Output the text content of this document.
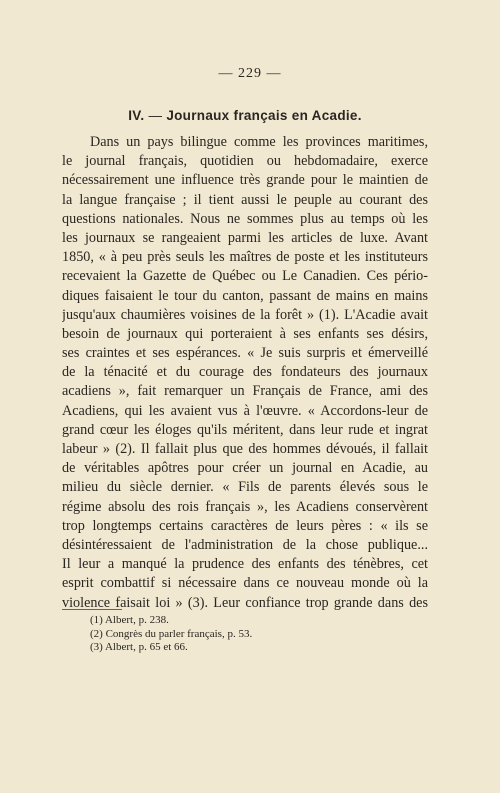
— 229 —
IV. — Journaux français en Acadie.
Dans un pays bilingue comme les provinces maritimes,
le journal français, quotidien ou hebdomadaire, exerce
nécessairement une influence très grande pour le maintien de
la langue française ; il tient aussi le peuple au courant des
questions nationales. Nous ne sommes plus au temps où les
les journaux se rangeaient parmi les articles de luxe. Avant
1850, « à peu près seuls les maîtres de poste et les instituteurs
recevaient la Gazette de Québec ou Le Canadien. Ces pério-
diques faisaient le tour du canton, passant de mains en mains
jusqu'aux chaumières voisines de la forêt » (1). L'Acadie avait
besoin de journaux qui porteraient à ses enfants ses désirs,
ses craintes et ses espérances. « Je suis surpris et émerveillé
de la ténacité et du courage des fondateurs des journaux
acadiens », fait remarquer un Français de France, ami des
Acadiens, qui les avaient vus à l'œuvre. « Accordons-leur de
grand cœur les éloges qu'ils méritent, dans leur rude et ingrat
labeur » (2). Il fallait plus que des hommes dévoués, il fallait
de véritables apôtres pour créer un journal en Acadie, au
milieu du siècle dernier. « Fils de parents élevés sous le
régime absolu des rois français », les Acadiens conservèrent
trop longtemps certains caractères de leurs pères : « ils se
désintéressaient de l'administration de la chose publique...
Il leur a manqué la prudence des enfants des ténèbres, cet
esprit combattif si nécessaire dans ce nouveau monde où la
violence faisait loi » (3). Leur confiance trop grande dans des
(1) Albert, p. 238.
(2) Congrès du parler français, p. 53.
(3) Albert, p. 65 et 66.
